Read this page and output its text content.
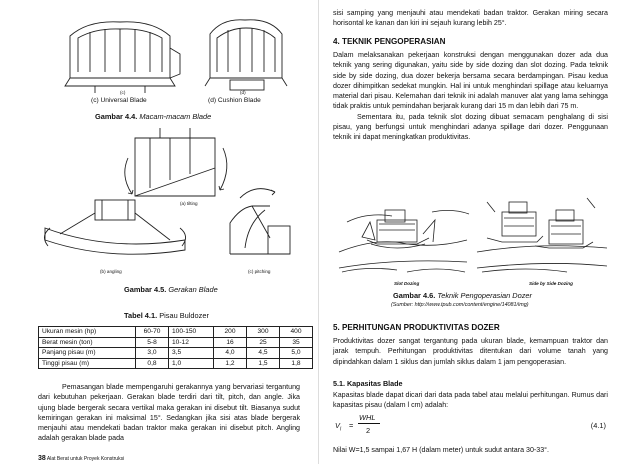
(c)	(d)
(c) Universal Blade	(d) Cushion Blade
Gambar 4.4. Macam-macam Blade
(a) tilting
(b) angling	(c) pitching
Gambar 4.5. Gerakan Blade
Tabel 4.1. Pisau Buldozer
Ukuran mesin (hp)	60-70	100-150	200	300	400
Berat mesin (ton)	5-8	10-12	16	25	35
Panjang pisau (m)	3,0	3,5	4,0	4,5	5,0
Tinggi pisau (m)	0,8	1,0	1,2	1,5	1,8

Pemasangan blade mempengaruhi gerakannya yang bervariasi tergantung dari kebutuhan pekerjaan. Gerakan blade terdiri dari tilt, pitch, dan angle. Jika ujung blade bergerak secara vertikal maka gerakan ini disebut tilt. Biasanya sudut kemiringan gerakan ini maksimal 15°. Sedangkan jika sisi atas blade bergerak menjauhi atau mendekati badan traktor maka gerakan ini disebut pitch. Angling adalah gerakan blade pada

38 Alat Berat untuk Proyek Konstruksi

sisi samping yang menjauhi atau mendekati badan traktor. Gerakan miring secara horisontal ke kanan dan kiri ini sejauh kurang lebih 25°.

4. TEKNIK PENGOPERASIAN

Dalam melaksanakan pekerjaan konstruksi dengan menggunakan dozer ada dua teknik yang sering digunakan, yaitu side by side dozing dan slot dozing. Pada teknik side by side dozing, dua dozer bekerja bersama secara berdampingan. Pisau kedua dozer dihimpitkan sedekat mungkin. Hal ini untuk menghindari spillage atau keluarnya material dari pisau. Kelemahan dari teknik ini adalah manuver alat yang lama sehingga tidak praktis untuk pemindahan berjarak kurang dari 15 m dan lebih dari 75 m.

Sementara itu, pada teknik slot dozing dibuat semacam penghalang di sisi pisau, yang berfungsi untuk menghindari adanya spillage dari dozer. Penggunaan teknik ini dapat meningkatkan produktivitas.

Slot Dozing	Side by Side Dozing
Gambar 4.6. Teknik Pengoperasian Dozer
(Sumber: http://www.tpub.com/content/engine/14081/img)
5. PERHITUNGAN PRODUKTIVITAS DOZER

Produktivitas dozer sangat tergantung pada ukuran blade, kemampuan traktor dan jarak tempuh. Perhitungan produktivitas ditentukan dari volume tanah yang dipindahkan dalam 1 siklus dan jumlah siklus dalam 1 jam pengoperasian.

5.1. Kapasitas Blade

Kapasitas blade dapat dicari dari data pada tabel atau melalui perhitungan. Rumus dari kapasitas pisau (dalam l cm) adalah:

$V_l$ =
WHL
2
(4.1)

Nilai W=1,5 sampai 1,67 H (dalam meter) untuk sudut antara 30-33°.
